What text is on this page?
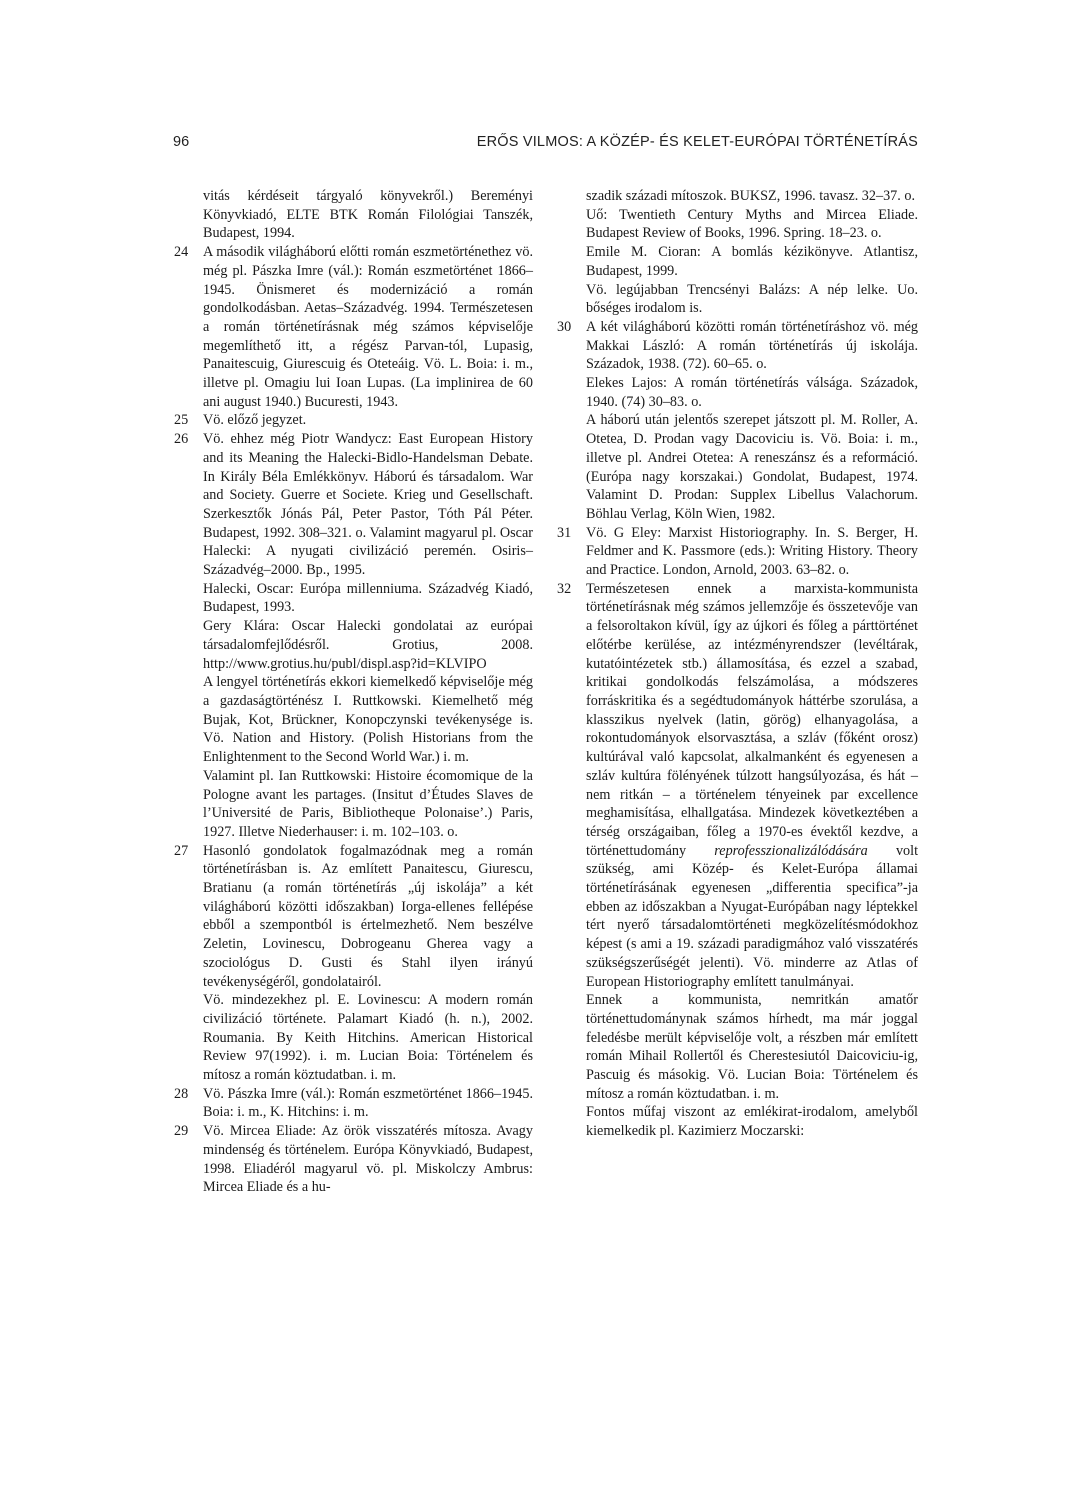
96	ERŐS VILMOS: A KÖZÉP- ÉS KELET-EURÓPAI TÖRTÉNETÍRÁS
vitás kérdéseit tárgyaló könyvekről.) Bereményi Könyvkiadó, ELTE BTK Román Filológiai Tanszék, Budapest, 1994.
24 A második világháború előtti román eszmetörténethez vö. még pl. Pászka Imre (vál.): Román eszmetörténet 1866–1945. Önismeret és modernizáció a román gondolkodásban. Aetas–Századvég. 1994. Természetesen a román történetírásnak még számos képviselője megemlíthető itt, a régész Parvan-tól, Lupasig, Panaitescuig, Giurescuig és Oteteáig. Vö. L. Boia: i. m., illetve pl. Omagiu lui Ioan Lupas. (La implinirea de 60 ani august 1940.) Bucuresti, 1943.
25 Vö. előző jegyzet.
26 Vö. ehhez még Piotr Wandycz: East European History and its Meaning the Halecki-Bidlo-Handelsman Debate. In Király Béla Emlékkönyv. Háború és társadalom. War and Society. Guerre et Societe. Krieg und Gesellschaft. Szerkesztők Jónás Pál, Peter Pastor, Tóth Pál Péter. Budapest, 1992. 308–321. o. Valamint magyarul pl. Oscar Halecki: A nyugati civilizáció peremén. Osiris–Századvég–2000. Bp., 1995.
Halecki, Oscar: Európa millenniuma. Századvég Kiadó, Budapest, 1993.
Gery Klára: Oscar Halecki gondolatai az európai társadalomfejlődésről. Grotius, 2008. http://www.grotius.hu/publ/displ.asp?id=KLVIPO
A lengyel történetírás ekkori kiemelkedő képviselője még a gazdaságtörténész I. Ruttkowski. Kiemelhető még Bujak, Kot, Brückner, Konopczynski tevékenysége is. Vö. Nation and History. (Polish Historians from the Enlightenment to the Second World War.) i. m.
Valamint pl. Ian Ruttkowski: Histoire écomomique de la Pologne avant les partages. (Insitut d’Études Slaves de l’Université de Paris, Bibliotheque Polonaise’.) Paris, 1927. Illetve Niederhauser: i. m. 102–103. o.
27 Hasonló gondolatok fogalmazódnak meg a román történetírásban is. Az említett Panaitescu, Giurescu, Bratianu (a román történetírás „új iskolája” a két világháború közötti időszakban) Iorga-ellenes fellépése ebből a szempontból is értelmezhető. Nem beszélve Zeletin, Lovinescu, Dobrogeanu Gherea vagy a szociológus D. Gusti és Stahl ilyen irányú tevékenységéről, gondolatairól.
Vö. mindezekhez pl. E. Lovinescu: A modern román civilizáció története. Palamart Kiadó (h. n.), 2002. Roumania. By Keith Hitchins. American Historical Review 97(1992). i. m. Lucian Boia: Történelem és mítosz a román köztudatban. i. m.
28 Vö. Pászka Imre (vál.): Román eszmetörténet 1866–1945. Boia: i. m., K. Hitchins: i. m.
29 Vö. Mircea Eliade: Az örök visszatérés mítosza. Avagy mindenség és történelem. Európa Könyvkiadó, Budapest, 1998. Eliadéról magyarul vö. pl. Miskolczy Ambrus: Mircea Eliade és a hu-
szadik századi mítoszok. BUKSZ, 1996. tavasz. 32–37. o.
Uő: Twentieth Century Myths and Mircea Eliade. Budapest Review of Books, 1996. Spring. 18–23. o.
Emile M. Cioran: A bomlás kézikönyve. Atlantisz, Budapest, 1999.
Vö. legújabban Trencsényi Balázs: A nép lelke. Uo. bőséges irodalom is.
30 A két világháború közötti román történetíráshoz vö. még Makkai László: A román történetírás új iskolája. Századok, 1938. (72). 60–65. o.
Elekes Lajos: A román történetírás válsága. Századok, 1940. (74) 30–83. o.
A háború után jelentős szerepet játszott pl. M. Roller, A. Otetea, D. Prodan vagy Dacoviciu is. Vö. Boia: i. m., illetve pl. Andrei Otetea: A reneszánsz és a reformáció. (Európa nagy korszakai.) Gondolat, Budapest, 1974. Valamint D. Prodan: Supplex Libellus Valachorum. Böhlau Verlag, Köln Wien, 1982.
31 Vö. G Eley: Marxist Historiography. In. S. Berger, H. Feldmer and K. Passmore (eds.): Writing History. Theory and Practice. London, Arnold, 2003. 63–82. o.
32 Természetesen ennek a marxista-kommunista történetírásnak még számos jellemzője és összetevője van a felsoroltakon kívül, így az újkori és főleg a párttörténet előtérbe kerülése, az intézményrendszer (levéltárak, kutatóintézetek stb.) államosítása, és ezzel a szabad, kritikai gondolkodás felszámolása, a módszeres forráskritika és a segédtudományok háttérbe szorulása, a klasszikus nyelvek (latin, görög) elhanyagolása, a rokontudományok elsorvasztása, a szláv (főként orosz) kultúrával való kapcsolat, alkalmanként és egyenesen a szláv kultúra fölényének túlzott hangsúlyozása, és hát – nem ritkán – a történelem tényeinek par excellence meghamisítása, elhallgatása. Mindezek következtében a térség országaiban, főleg a 1970-es évektől kezdve, a történettudomány reprofesszionalizálódására volt szükség, ami Közép- és Kelet-Európa államai történetírásának egyenesen „differentia specifica”-ja ebben az időszakban a Nyugat-Európában nagy léptekkel tért nyerő társadalomtörténeti megközelítésmódokhoz képest (s ami a 19. századi paradigmához való visszatérés szükségszerűségét jelenti). Vö. minderre az Atlas of European Historiography említett tanulmányai.
Ennek a kommunista, nemritkán amatőr történettudománynak számos hírhedt, ma már joggal feledésbe merült képviselője volt, a részben már említett román Mihail Rollertől és Cherestesiutól Daicoviciu-ig, Pascuig és másokig. Vö. Lucian Boia: Történelem és mítosz a román köztudatban. i. m.
Fontos műfaj viszont az emlékirat-irodalom, amelyből kiemelkedik pl. Kazimierz Moczarski:
